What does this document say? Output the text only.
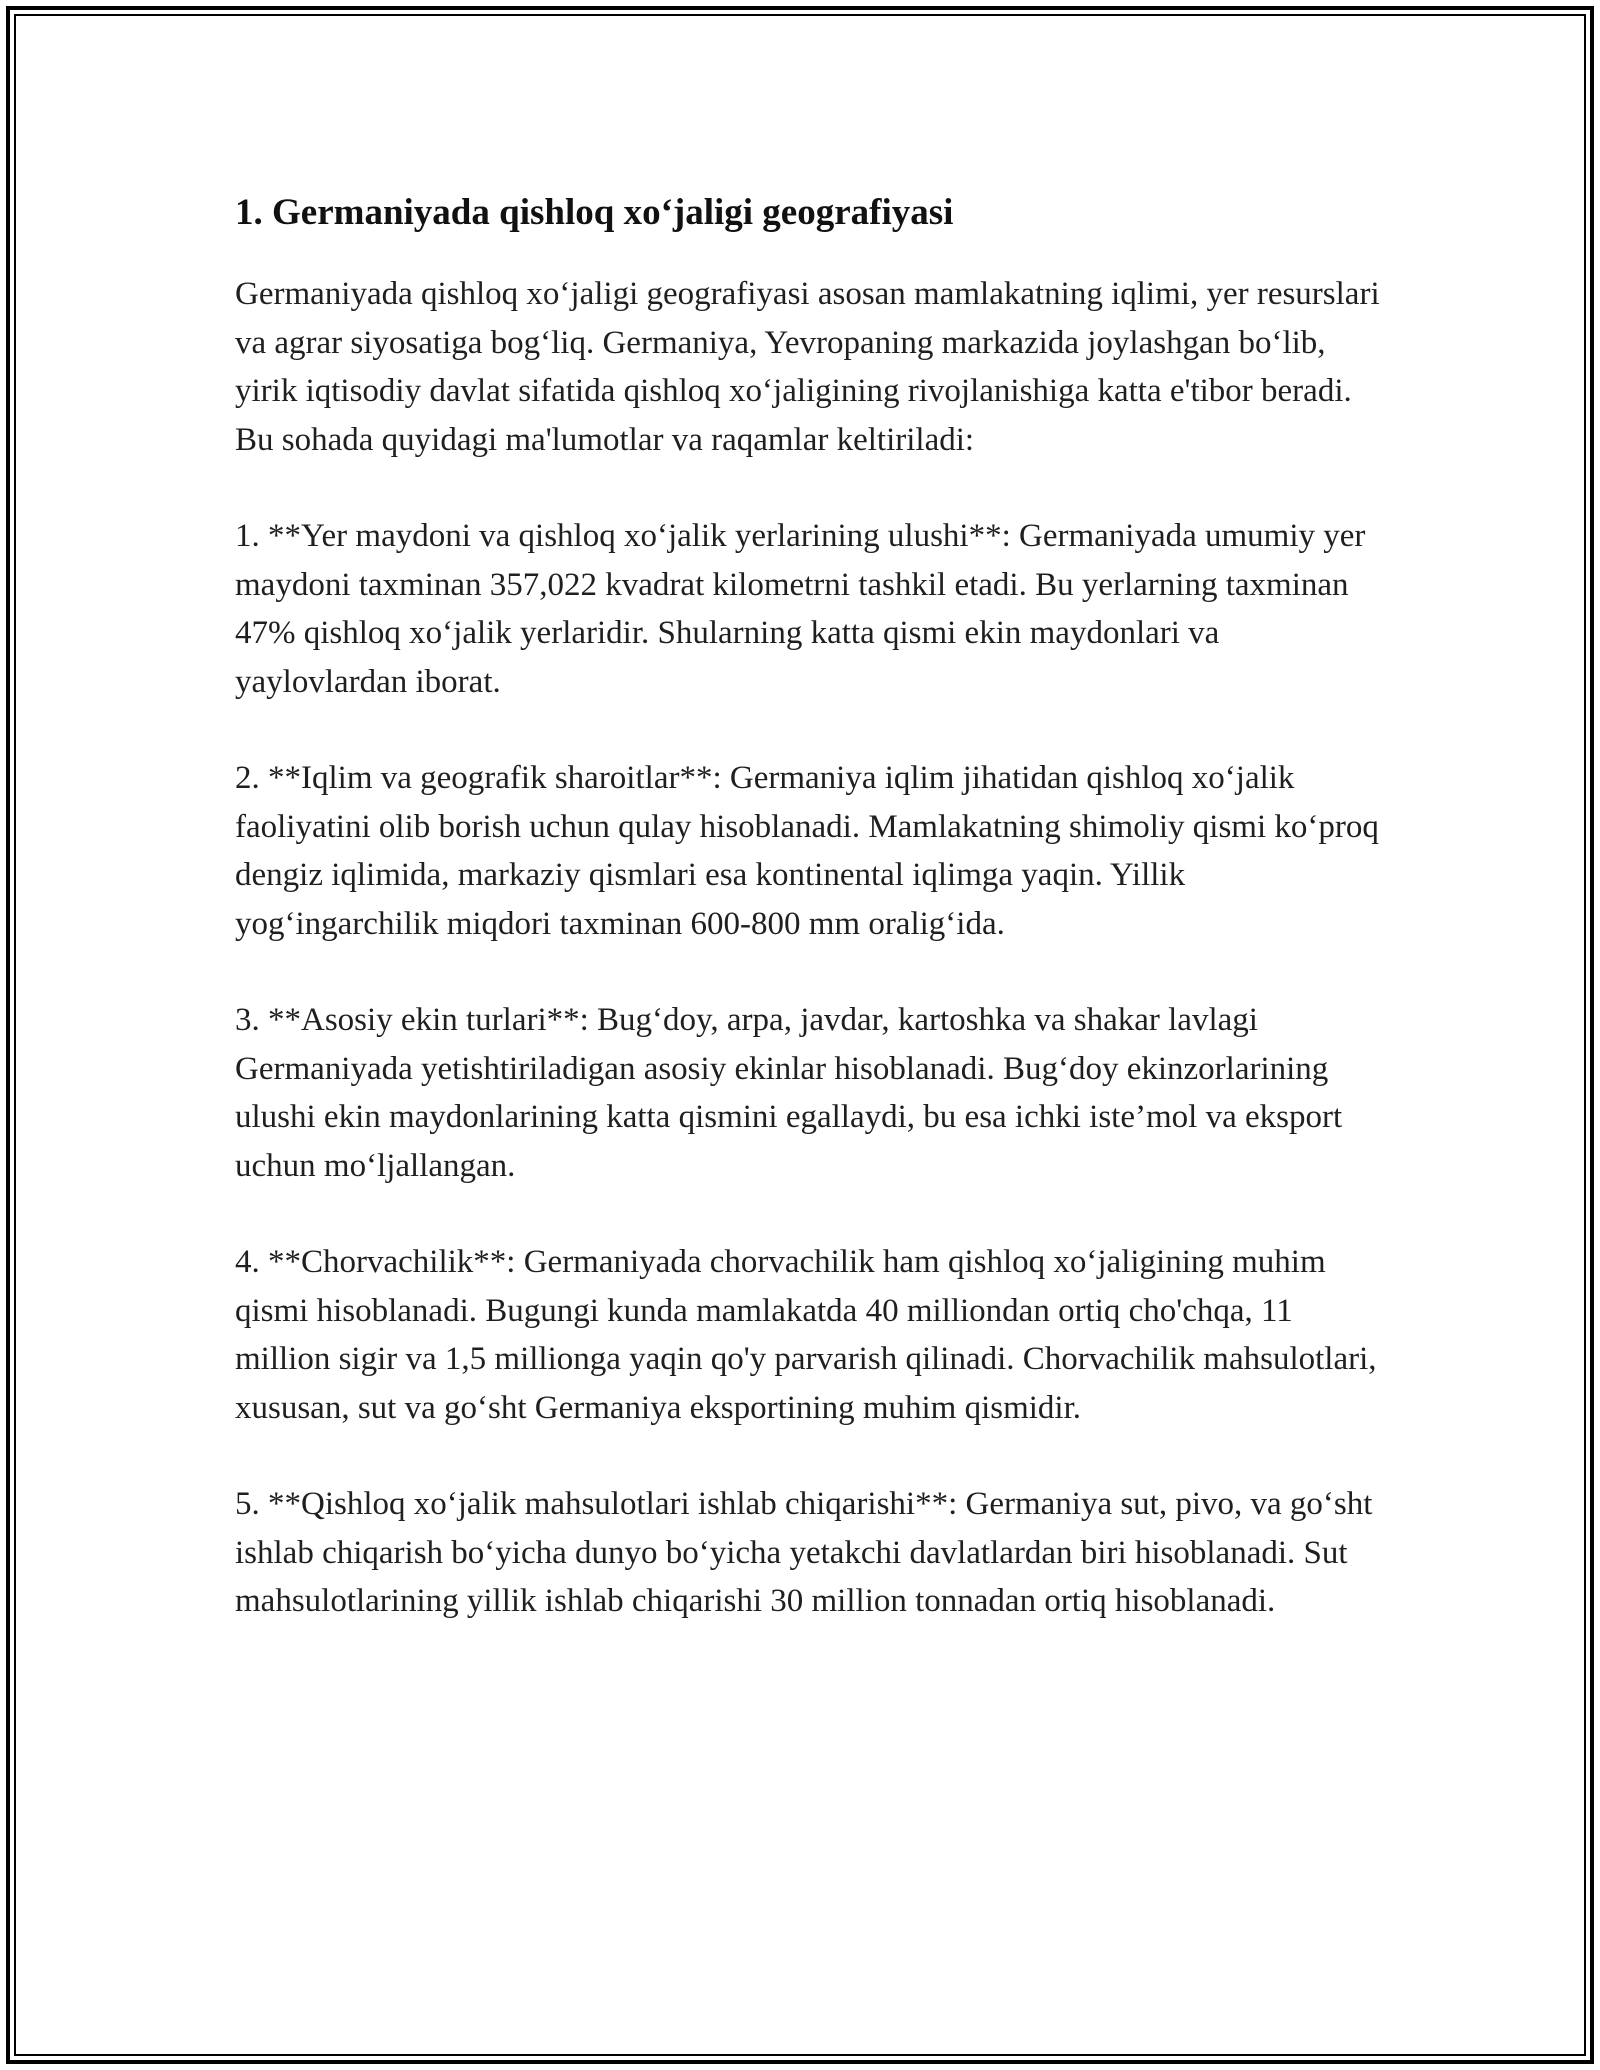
1. Germaniyada qishloq xo‘jaligi geografiyasi

Germaniyada qishloq xo‘jaligi geografiyasi asosan mamlakatning iqlimi, yer resurslari va agrar siyosatiga bog‘liq. Germaniya, Yevropaning markazida joylashgan bo‘lib, yirik iqtisodiy davlat sifatida qishloq xo‘jaligining rivojlanishiga katta e'tibor beradi. Bu sohada quyidagi ma'lumotlar va raqamlar keltiriladi:

1. **Yer maydoni va qishloq xo‘jalik yerlarining ulushi**: Germaniyada umumiy yer maydoni taxminan 357,022 kvadrat kilometrni tashkil etadi. Bu yerlarning taxminan 47% qishloq xo‘jalik yerlaridir. Shularning katta qismi ekin maydonlari va yaylovlardan iborat.

2. **Iqlim va geografik sharoitlar**: Germaniya iqlim jihatidan qishloq xo‘jalik faoliyatini olib borish uchun qulay hisoblanadi. Mamlakatning shimoliy qismi ko‘proq dengiz iqlimida, markaziy qismlari esa kontinental iqlimga yaqin. Yillik yog‘ingarchilik miqdori taxminan 600-800 mm oralig‘ida.

3. **Asosiy ekin turlari**: Bug‘doy, arpa, javdar, kartoshka va shakar lavlagi Germaniyada yetishtiriladigan asosiy ekinlar hisoblanadi. Bug‘doy ekinzorlarining ulushi ekin maydonlarining katta qismini egallaydi, bu esa ichki iste’mol va eksport uchun mo‘ljallangan.

4. **Chorvachilik**: Germaniyada chorvachilik ham qishloq xo‘jaligining muhim qismi hisoblanadi. Bugungi kunda mamlakatda 40 milliondan ortiq cho'chqa, 11 million sigir va 1,5 millionga yaqin qo'y parvarish qilinadi. Chorvachilik mahsulotlari, xususan, sut va go‘sht Germaniya eksportining muhim qismidir.

5. **Qishloq xo‘jalik mahsulotlari ishlab chiqarishi**: Germaniya sut, pivo, va go‘sht ishlab chiqarish bo‘yicha dunyo bo‘yicha yetakchi davlatlardan biri hisoblanadi. Sut mahsulotlarining yillik ishlab chiqarishi 30 million tonnadan ortiq hisoblanadi.
